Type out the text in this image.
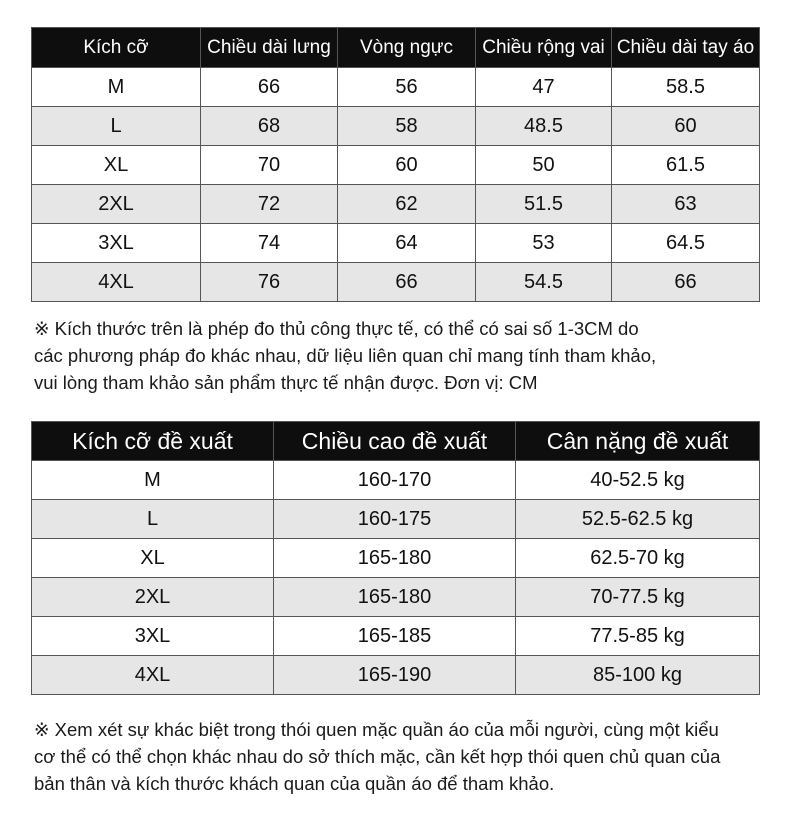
Kích cỡ	Chiều dài lưng	Vòng ngực	Chiều rộng vai	Chiều dài tay áo
M	66	56	47	58.5
L	68	58	48.5	60
XL	70	60	50	61.5
2XL	72	62	51.5	63
3XL	74	64	53	64.5
4XL	76	66	54.5	66
※ Kích thước trên là phép đo thủ công thực tế, có thể có sai số 1-3CM do
các phương pháp đo khác nhau, dữ liệu liên quan chỉ mang tính tham khảo,
vui lòng tham khảo sản phẩm thực tế nhận được. Đơn vị: CM
Kích cỡ đề xuất	Chiều cao đề xuất	Cân nặng đề xuất
M	160-170	40-52.5 kg
L	160-175	52.5-62.5 kg
XL	165-180	62.5-70 kg
2XL	165-180	70-77.5 kg
3XL	165-185	77.5-85 kg
4XL	165-190	85-100 kg
※ Xem xét sự khác biệt trong thói quen mặc quần áo của mỗi người, cùng một kiểu
cơ thể có thể chọn khác nhau do sở thích mặc, cần kết hợp thói quen chủ quan của
bản thân và kích thước khách quan của quần áo để tham khảo.
